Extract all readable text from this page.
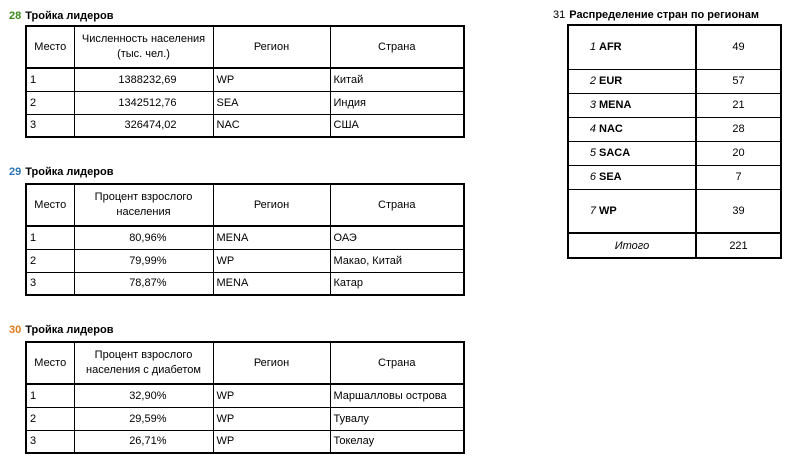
28 Тройка лидеров
Место	Численность населения (тыс. чел.)	Регион	Страна
1	1388232,69	WP	Китай
2	1342512,76	SEA	Индия
3	326474,02	NAC	США
29 Тройка лидеров
Место	Процент взрослого населения	Регион	Страна
1	80,96%	MENA	ОАЭ
2	79,99%	WP	Макао, Китай
3	78,87%	MENA	Катар
30 Тройка лидеров
Место	Процент взрослого населения с диабетом	Регион	Страна
1	32,90%	WP	Маршалловы острова
2	29,59%	WP	Тувалу
3	26,71%	WP	Токелау
31 Распределение стран по регионам
1	AFR	49
2	EUR	57
3	MENA	21
4	NAC	28
5	SACA	20
6	SEA	7
7	WP	39
Итого		221
